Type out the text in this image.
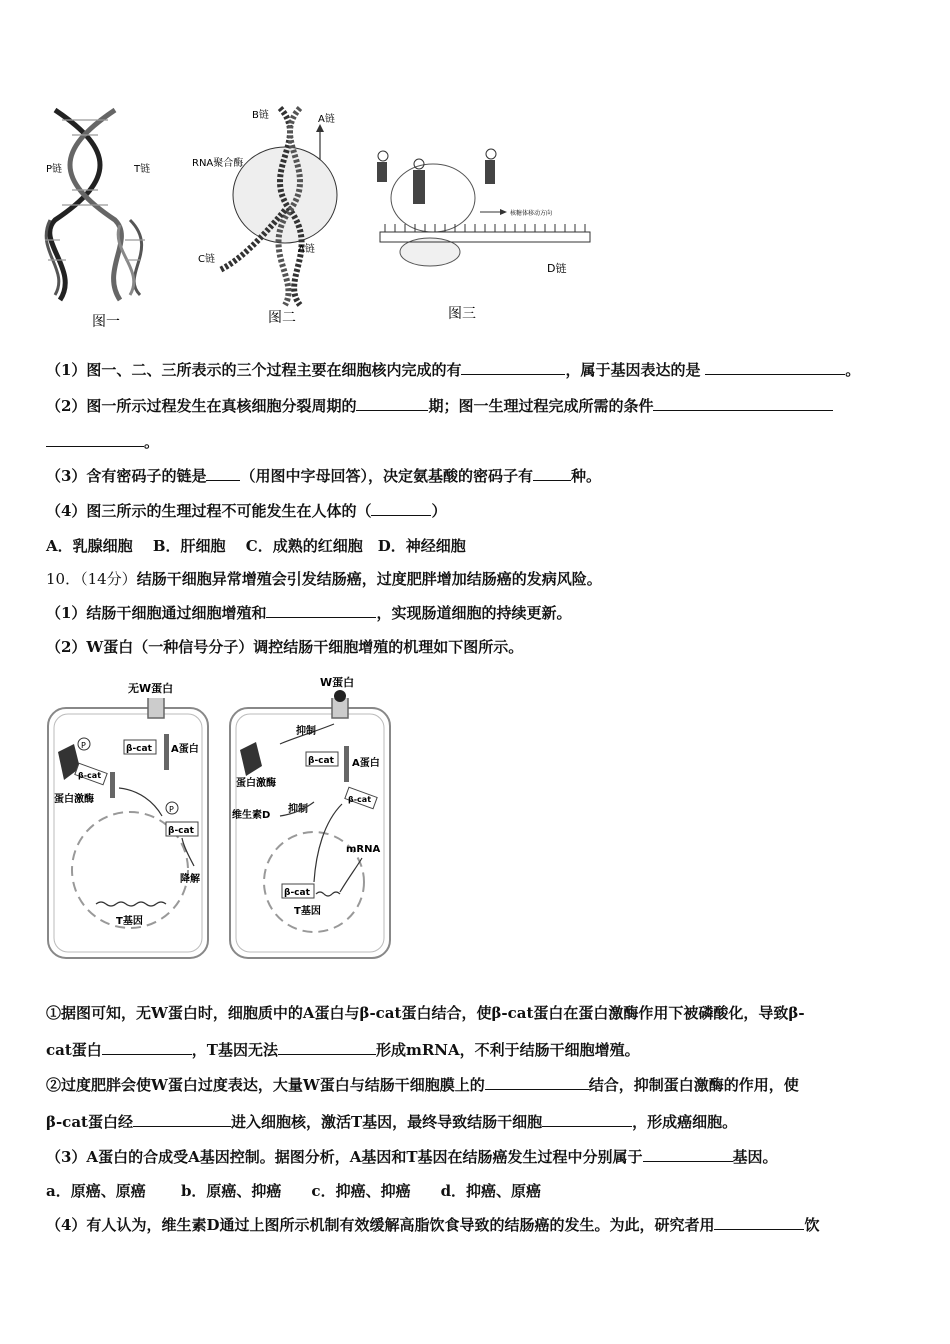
P链	T链
图一
B链	A链
RNA聚合酶
C链
A链
图二
核糖体移动方向
D链
图三
（1）图一、二、三所表示的三个过程主要在细胞核内完成的有	，属于基因表达的是	。
（2）图一所示过程发生在真核细胞分裂周期的	期；图一生理过程完成所需的条件
。
（3）含有密码子的链是 （用图中字母回答），决定氨基酸的密码子有	种。
（4）图三所示的生理过程不可能发生在人体的（	）
A．乳腺细胞　 B．肝细胞　 C．成熟的红细胞　D．神经细胞
10．（14分）结肠干细胞异常增殖会引发结肠癌，过度肥胖增加结肠癌的发病风险。
（1）结肠干细胞通过细胞增殖和	，实现肠道细胞的持续更新。
（2）W蛋白（一种信号分子）调控结肠干细胞增殖的机理如下图所示。
无W蛋白
β-cat A蛋白
P
β-cat
蛋白激酶
P
β-cat
降解
T基因
W蛋白
抑制
蛋白激酶
β-cat A蛋白
维生素D
抑制
β-cat
mRNA
β-cat
T基因
①据图可知，无W蛋白时，细胞质中的A蛋白与β-cat蛋白结合，使β-cat蛋白在蛋白激酶作用下被磷酸化，导致β-
cat蛋白	，T基因无法	形成mRNA，不利于结肠干细胞增殖。
②过度肥胖会使W蛋白过度表达，大量W蛋白与结肠干细胞膜上的	结合，抑制蛋白激酶的作用，使
β-cat蛋白经	进入细胞核，激活T基因，最终导致结肠干细胞	，形成癌细胞。
（3）A蛋白的合成受A基因控制。据图分析，A基因和T基因在结肠癌发生过程中分别属于	基因。
a．原癌、原癌　　 b．原癌、抑癌　　c．抑癌、抑癌　　d．抑癌、原癌
（4）有人认为，维生素D通过上图所示机制有效缓解高脂饮食导致的结肠癌的发生。为此，研究者用	饮
